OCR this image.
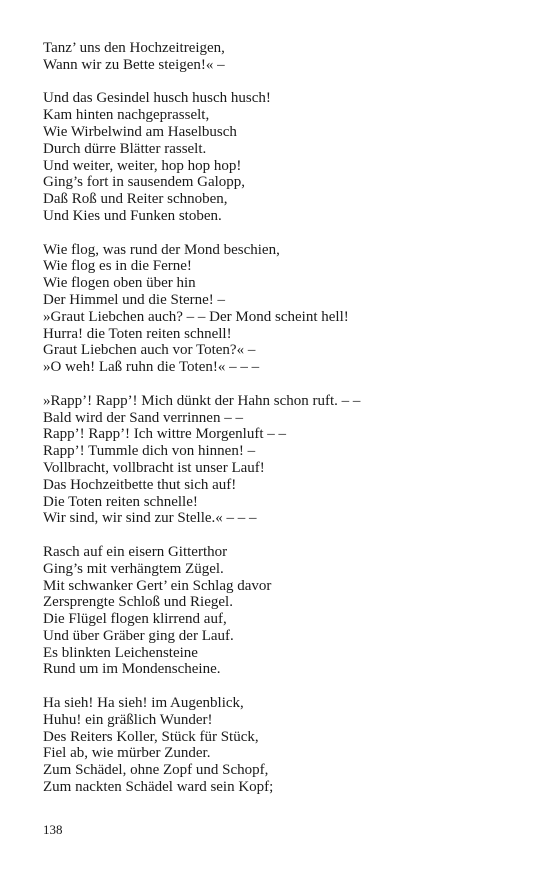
Tanz’ uns den Hochzeitreigen,
Wann wir zu Bette steigen!« –
Und das Gesindel husch husch husch!
Kam hinten nachgeprasselt,
Wie Wirbelwind am Haselbusch
Durch dürre Blätter rasselt.
Und weiter, weiter, hop hop hop!
Ging’s fort in sausendem Galopp,
Daß Roß und Reiter schnoben,
Und Kies und Funken stoben.
Wie flog, was rund der Mond beschien,
Wie flog es in die Ferne!
Wie flogen oben über hin
Der Himmel und die Sterne! –
»Graut Liebchen auch? – – Der Mond scheint hell!
Hurra! die Toten reiten schnell!
Graut Liebchen auch vor Toten?« –
»O weh! Laß ruhn die Toten!« – – –
»Rapp’! Rapp’! Mich dünkt der Hahn schon ruft. – –
Bald wird der Sand verrinnen – –
Rapp’! Rapp’! Ich wittre Morgenluft – –
Rapp’! Tummle dich von hinnen! –
Vollbracht, vollbracht ist unser Lauf!
Das Hochzeitbette thut sich auf!
Die Toten reiten schnelle!
Wir sind, wir sind zur Stelle.« – – –
Rasch auf ein eisern Gitterthor
Ging’s mit verhängtem Zügel.
Mit schwanker Gert’ ein Schlag davor
Zersprengte Schloß und Riegel.
Die Flügel flogen klirrend auf,
Und über Gräber ging der Lauf.
Es blinkten Leichensteine
Rund um im Mondenscheine.
Ha sieh! Ha sieh! im Augenblick,
Huhu! ein gräßlich Wunder!
Des Reiters Koller, Stück für Stück,
Fiel ab, wie mürber Zunder.
Zum Schädel, ohne Zopf und Schopf,
Zum nackten Schädel ward sein Kopf;
138
